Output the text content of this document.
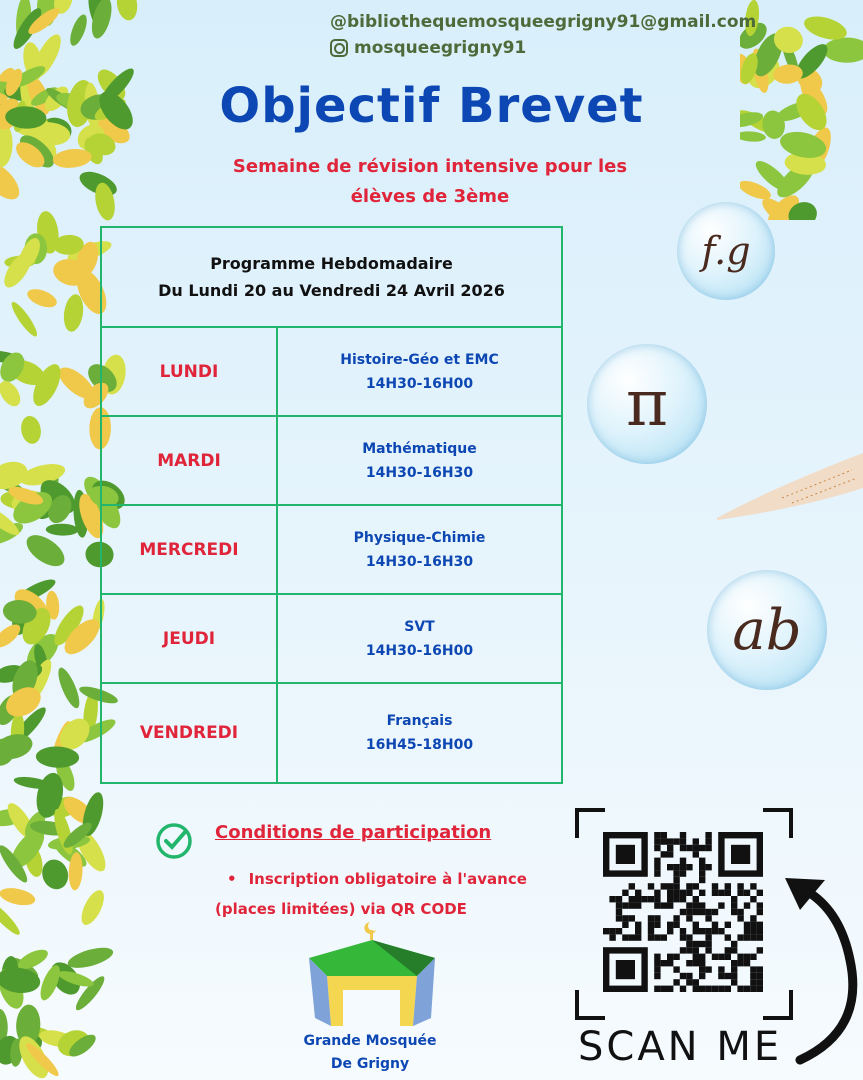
@bibliothequemosqueegrigny91@gmail.com
mosqueegrigny91
Objectif Brevet
Semaine de révision intensive pour les
élèves de 3ème
Programme Hebdomadaire
Du Lundi 20 au Vendredi 24 Avril 2026	

LUNDI	Histoire-Géo et EMC
14H30-16H00

MARDI	Mathématique
14H30-16H30

MERCREDI	Physique-Chimie
14H30-16H30

JEUDI	SVT
14H30-16H00

VENDREDI	Français
16H45-18H00
f.g
π
ab
Conditions de participation
• Inscription obligatoire à l'avance
(places limitées) via QR CODE
Grande Mosquée
De Grigny	SCAN ME
